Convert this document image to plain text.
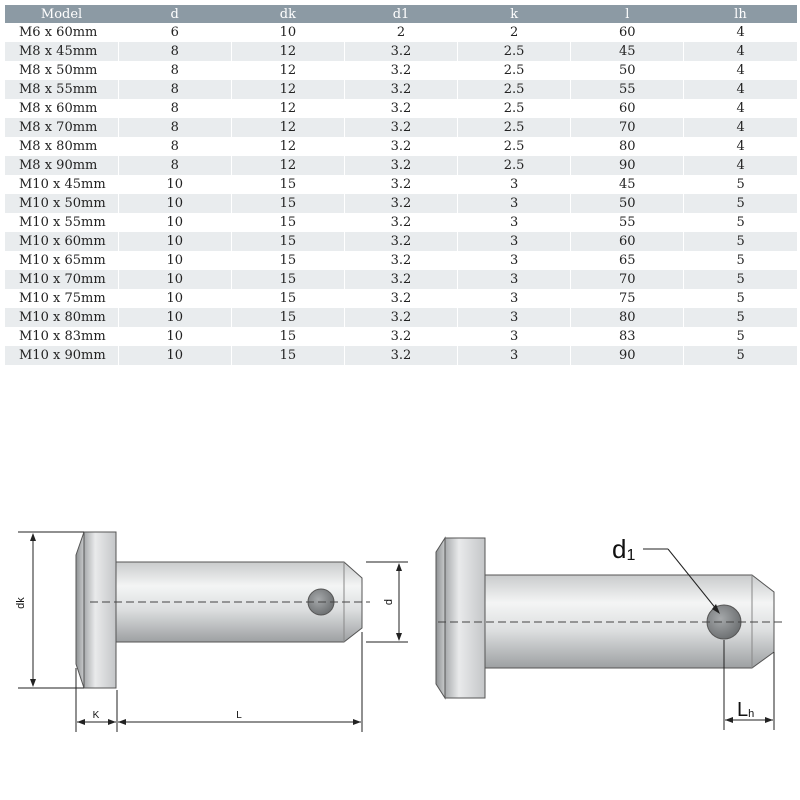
Model	d	dk	d1	k	l	lh
M6 x 60mm	6	10	2	2	60	4
M8 x 45mm	8	12	3.2	2.5	45	4
M8 x 50mm	8	12	3.2	2.5	50	4
M8 x 55mm	8	12	3.2	2.5	55	4
M8 x 60mm	8	12	3.2	2.5	60	4
M8 x 70mm	8	12	3.2	2.5	70	4
M8 x 80mm	8	12	3.2	2.5	80	4
M8 x 90mm	8	12	3.2	2.5	90	4
M10 x 45mm	10	15	3.2	3	45	5
M10 x 50mm	10	15	3.2	3	50	5
M10 x 55mm	10	15	3.2	3	55	5
M10 x 60mm	10	15	3.2	3	60	5
M10 x 65mm	10	15	3.2	3	65	5
M10 x 70mm	10	15	3.2	3	70	5
M10 x 75mm	10	15	3.2	3	75	5
M10 x 80mm	10	15	3.2	3	80	5
M10 x 83mm	10	15	3.2	3	83	5
M10 x 90mm	10	15	3.2	3	90	5
dk	d
K	L
d1
Lh
